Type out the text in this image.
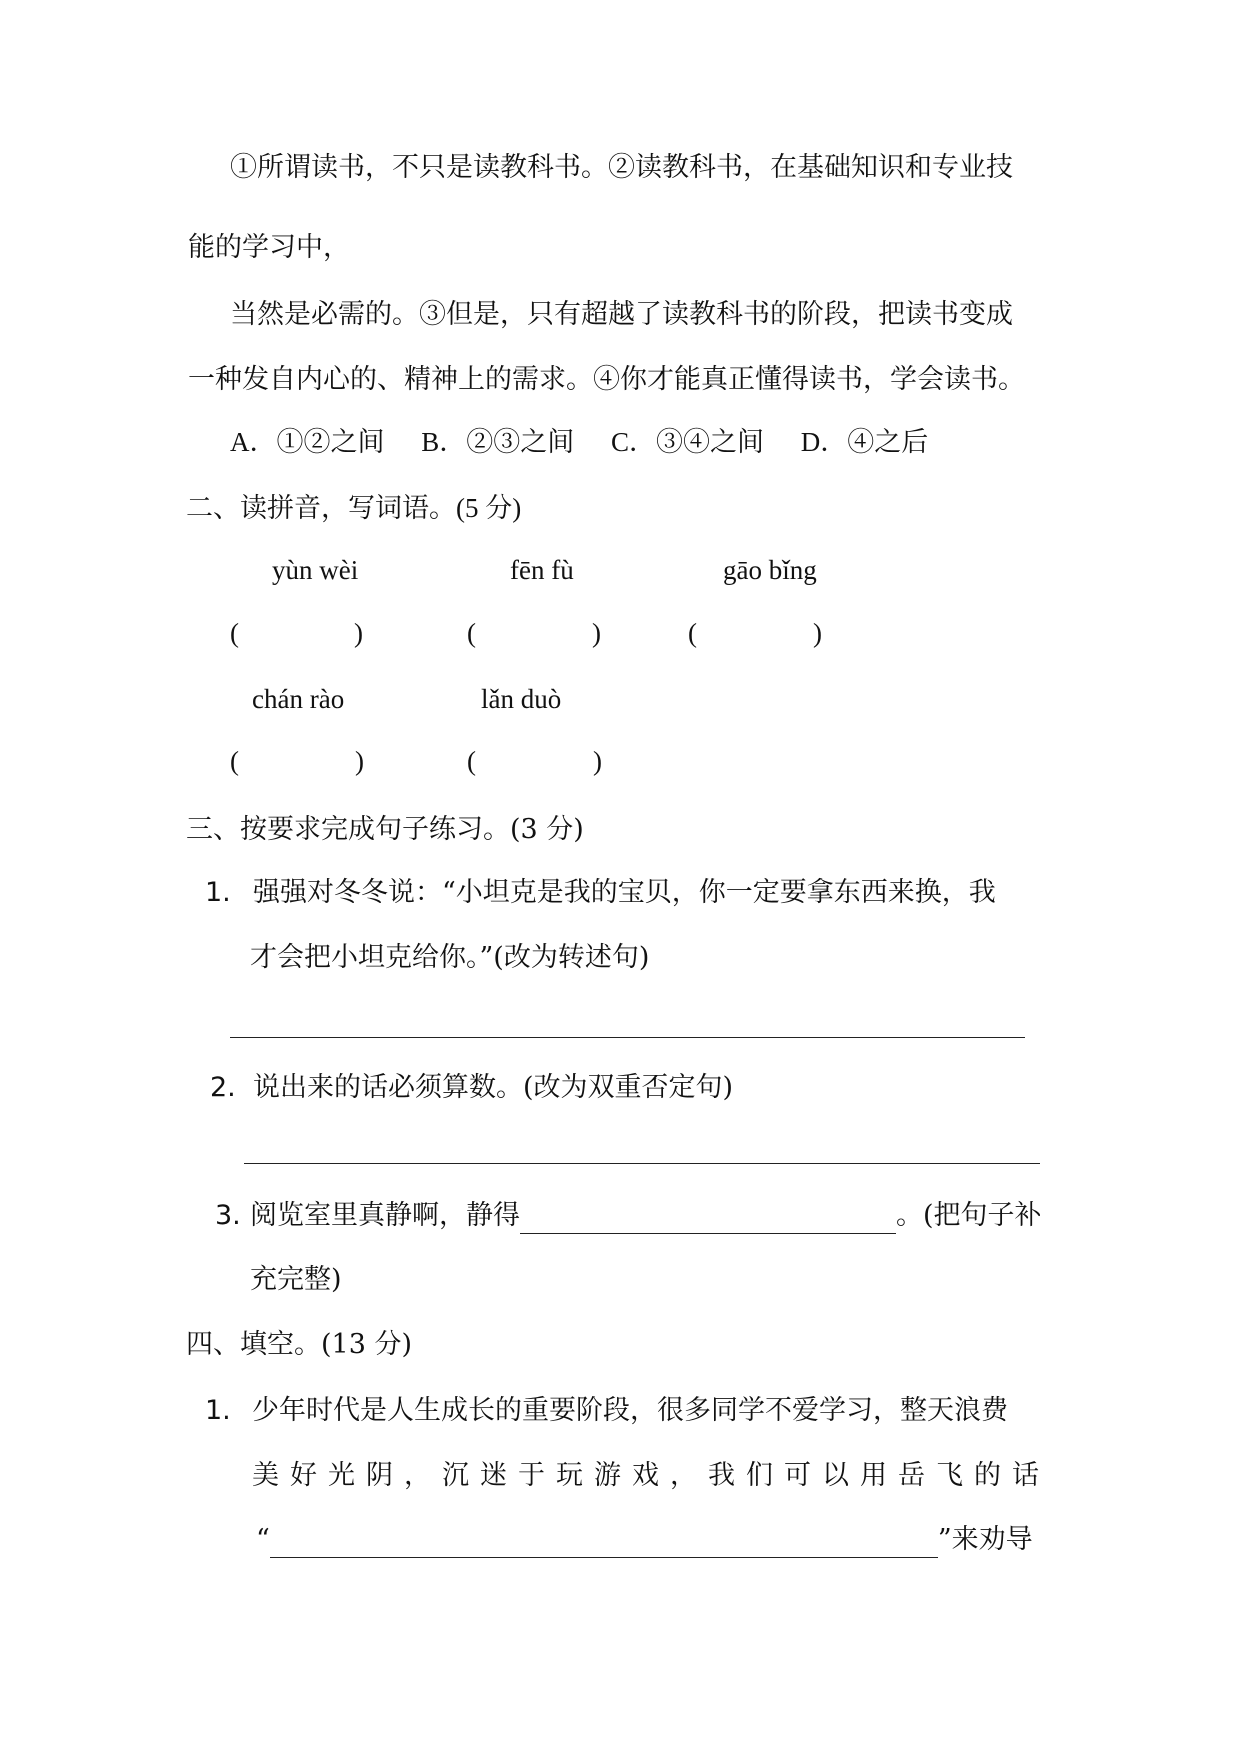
①所谓读书，不只是读教科书。②读教科书，在基础知识和专业技
能的学习中，
当然是必需的。③但是，只有超越了读教科书的阶段，把读书变成
一种发自内心的、精神上的需求。④你才能真正懂得读书，学会读书。
A．①②之间 B．②③之间 C．③④之间 D．④之后
二、读拼音，写词语。(5 分)
yùn wèi	fēn fù	gāo bǐng
(	)	(	)	(	)
chán rào	lǎn duò
(	)	(	)
三、按要求完成句子练习。(3 分)
1. 强强对冬冬说：“小坦克是我的宝贝，你一定要拿东西来换，我
才会把小坦克给你。”(改为转述句)
2. 说出来的话必须算数。(改为双重否定句)
3. 阅览室里真静啊，静得	。(把句子补
充完整)
四、填空。(13 分)
1. 少年时代是人生成长的重要阶段，很多同学不爱学习，整天浪费
美好光阴，沉迷于玩游戏，我们可以用岳飞的话
“	”来劝导
